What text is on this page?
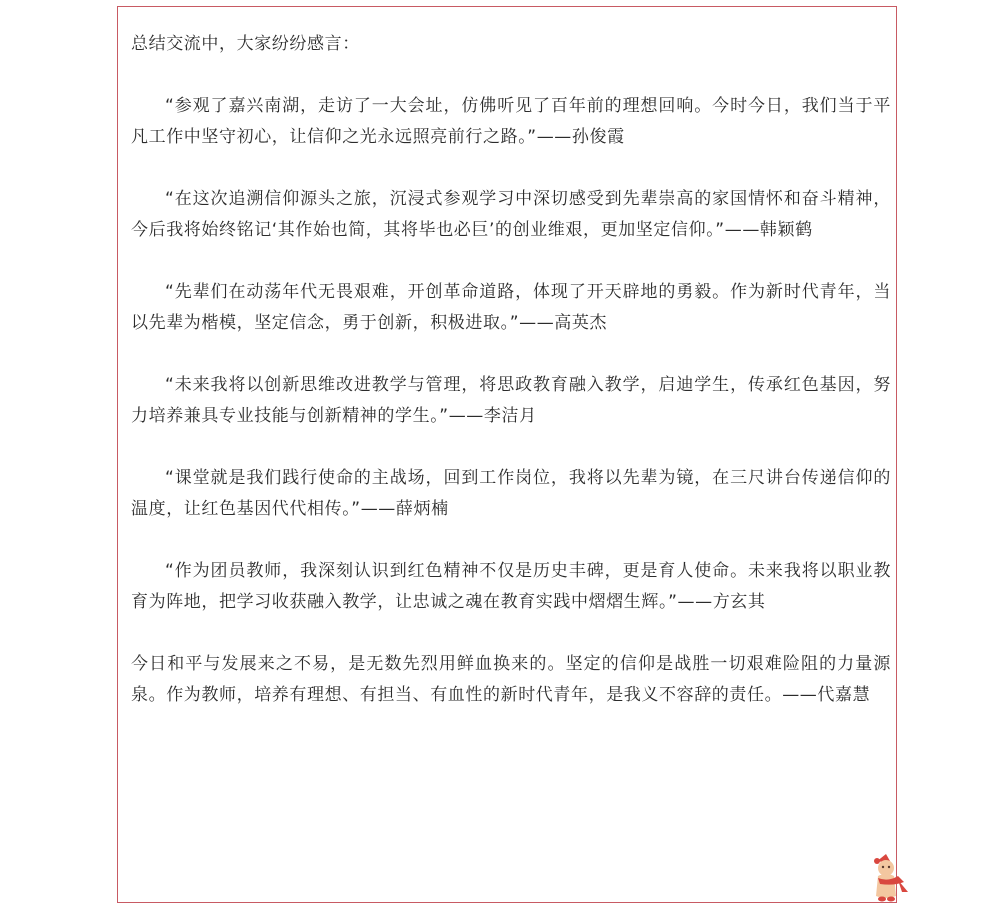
总结交流中，大家纷纷感言：

“参观了嘉兴南湖，走访了一大会址，仿佛听见了百年前的理想回响。今时今日，我们当于平凡工作中坚守初心，让信仰之光永远照亮前行之路。”——孙俊霞

“在这次追溯信仰源头之旅，沉浸式参观学习中深切感受到先辈崇高的家国情怀和奋斗精神，今后我将始终铭记‘其作始也简，其将毕也必巨’的创业维艰，更加坚定信仰。”——韩颖鹤

“先辈们在动荡年代无畏艰难，开创革命道路，体现了开天辟地的勇毅。作为新时代青年，当以先辈为楷模，坚定信念，勇于创新，积极进取。”——高英杰

“未来我将以创新思维改进教学与管理，将思政教育融入教学，启迪学生，传承红色基因，努力培养兼具专业技能与创新精神的学生。”——李洁月

“课堂就是我们践行使命的主战场，回到工作岗位，我将以先辈为镜，在三尺讲台传递信仰的温度，让红色基因代代相传。”——薛炳楠

“作为团员教师，我深刻认识到红色精神不仅是历史丰碑，更是育人使命。未来我将以职业教育为阵地，把学习收获融入教学，让忠诚之魂在教育实践中熠熠生辉。”——方玄其

今日和平与发展来之不易，是无数先烈用鲜血换来的。坚定的信仰是战胜一切艰难险阻的力量源泉。作为教师，培养有理想、有担当、有血性的新时代青年，是我义不容辞的责任。——代嘉慧
